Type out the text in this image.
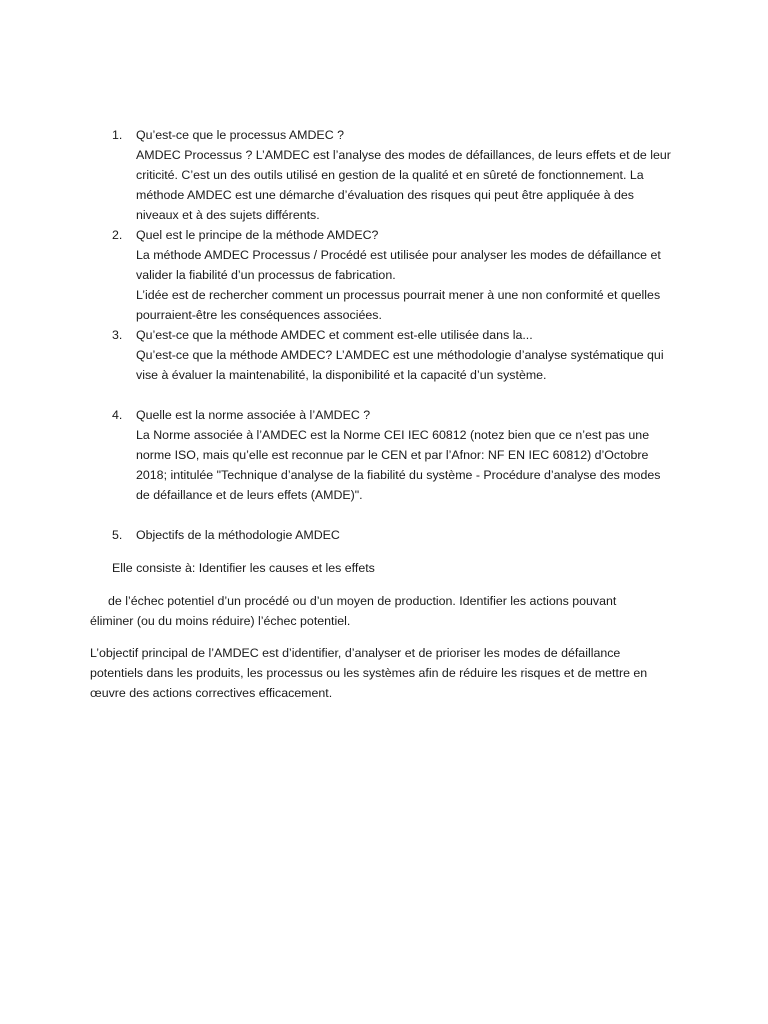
1.	Qu’est-ce que le processus AMDEC ?
AMDEC Processus ? L’AMDEC est l’analyse des modes de défaillances, de leurs effets et de leur
criticité. C’est un des outils utilisé en gestion de la qualité et en sûreté de fonctionnement. La
méthode AMDEC est une démarche d’évaluation des risques qui peut être appliquée à des
niveaux et à des sujets différents.
2.	Quel est le principe de la méthode AMDEC?
La méthode AMDEC Processus / Procédé est utilisée pour analyser les modes de défaillance et
valider la fiabilité d’un processus de fabrication.
L’idée est de rechercher comment un processus pourrait mener à une non conformité et quelles
pourraient-être les conséquences associées.
3.	Qu’est-ce que la méthode AMDEC et comment est-elle utilisée dans la...
Qu’est-ce que la méthode AMDEC? L’AMDEC est une méthodologie d’analyse systématique qui
vise à évaluer la maintenabilité, la disponibilité et la capacité d’un système.
4.	Quelle est la norme associée à l’AMDEC ?
La Norme associée à l’AMDEC est la Norme CEI IEC 60812 (notez bien que ce n’est pas une
norme ISO, mais qu’elle est reconnue par le CEN et par l’Afnor: NF EN IEC 60812) d’Octobre
2018; intitulée "Technique d’analyse de la fiabilité du système - Procédure d’analyse des modes
de défaillance et de leurs effets (AMDE)".
5.	Objectifs de la méthodologie AMDEC
Elle consiste à: Identifier les causes et les effets
de l’échec potentiel d’un procédé ou d’un moyen de production. Identifier les actions pouvant
éliminer (ou du moins réduire) l’échec potentiel.
L’objectif principal de l’AMDEC est d’identifier, d’analyser et de prioriser les modes de défaillance
potentiels dans les produits, les processus ou les systèmes afin de réduire les risques et de mettre en
œuvre des actions correctives efficacement.
